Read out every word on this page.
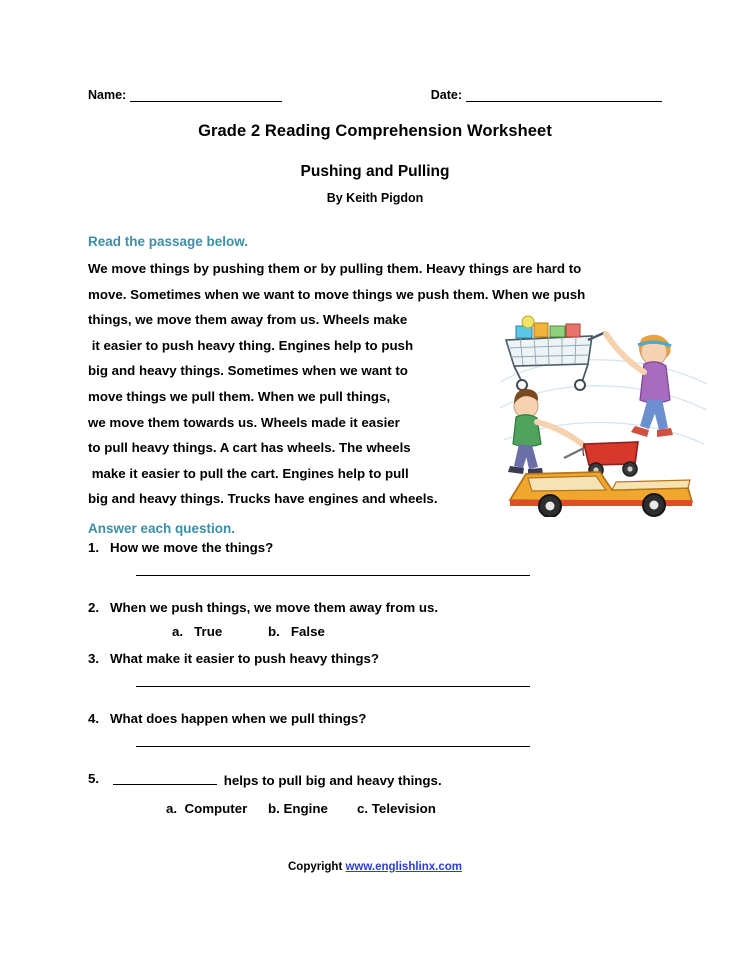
Name:	Date:
Grade 2 Reading Comprehension Worksheet
Pushing and Pulling
By Keith Pigdon
Read the passage below.
We move things by pushing them or by pulling them. Heavy things are hard to
move. Sometimes when we want to move things we push them. When we push
things, we move them away from us. Wheels make
it easier to push heavy thing. Engines help to push
big and heavy things. Sometimes when we want to
move things we pull them. When we pull things,
we move them towards us. Wheels made it easier
to pull heavy things. A cart has wheels. The wheels
make it easier to pull the cart. Engines help to pull
big and heavy things. Trucks have engines and wheels.
Answer each question.
1. How we move the things?
2. When we push things, we move them away from us.
a.   True	b.   False
3. What make it easier to push heavy things?
4. What does happen when we pull things?
5.	helps to pull big and heavy things.
a.  Computer	b. Engine	c. Television
Copyright www.englishlinx.com
